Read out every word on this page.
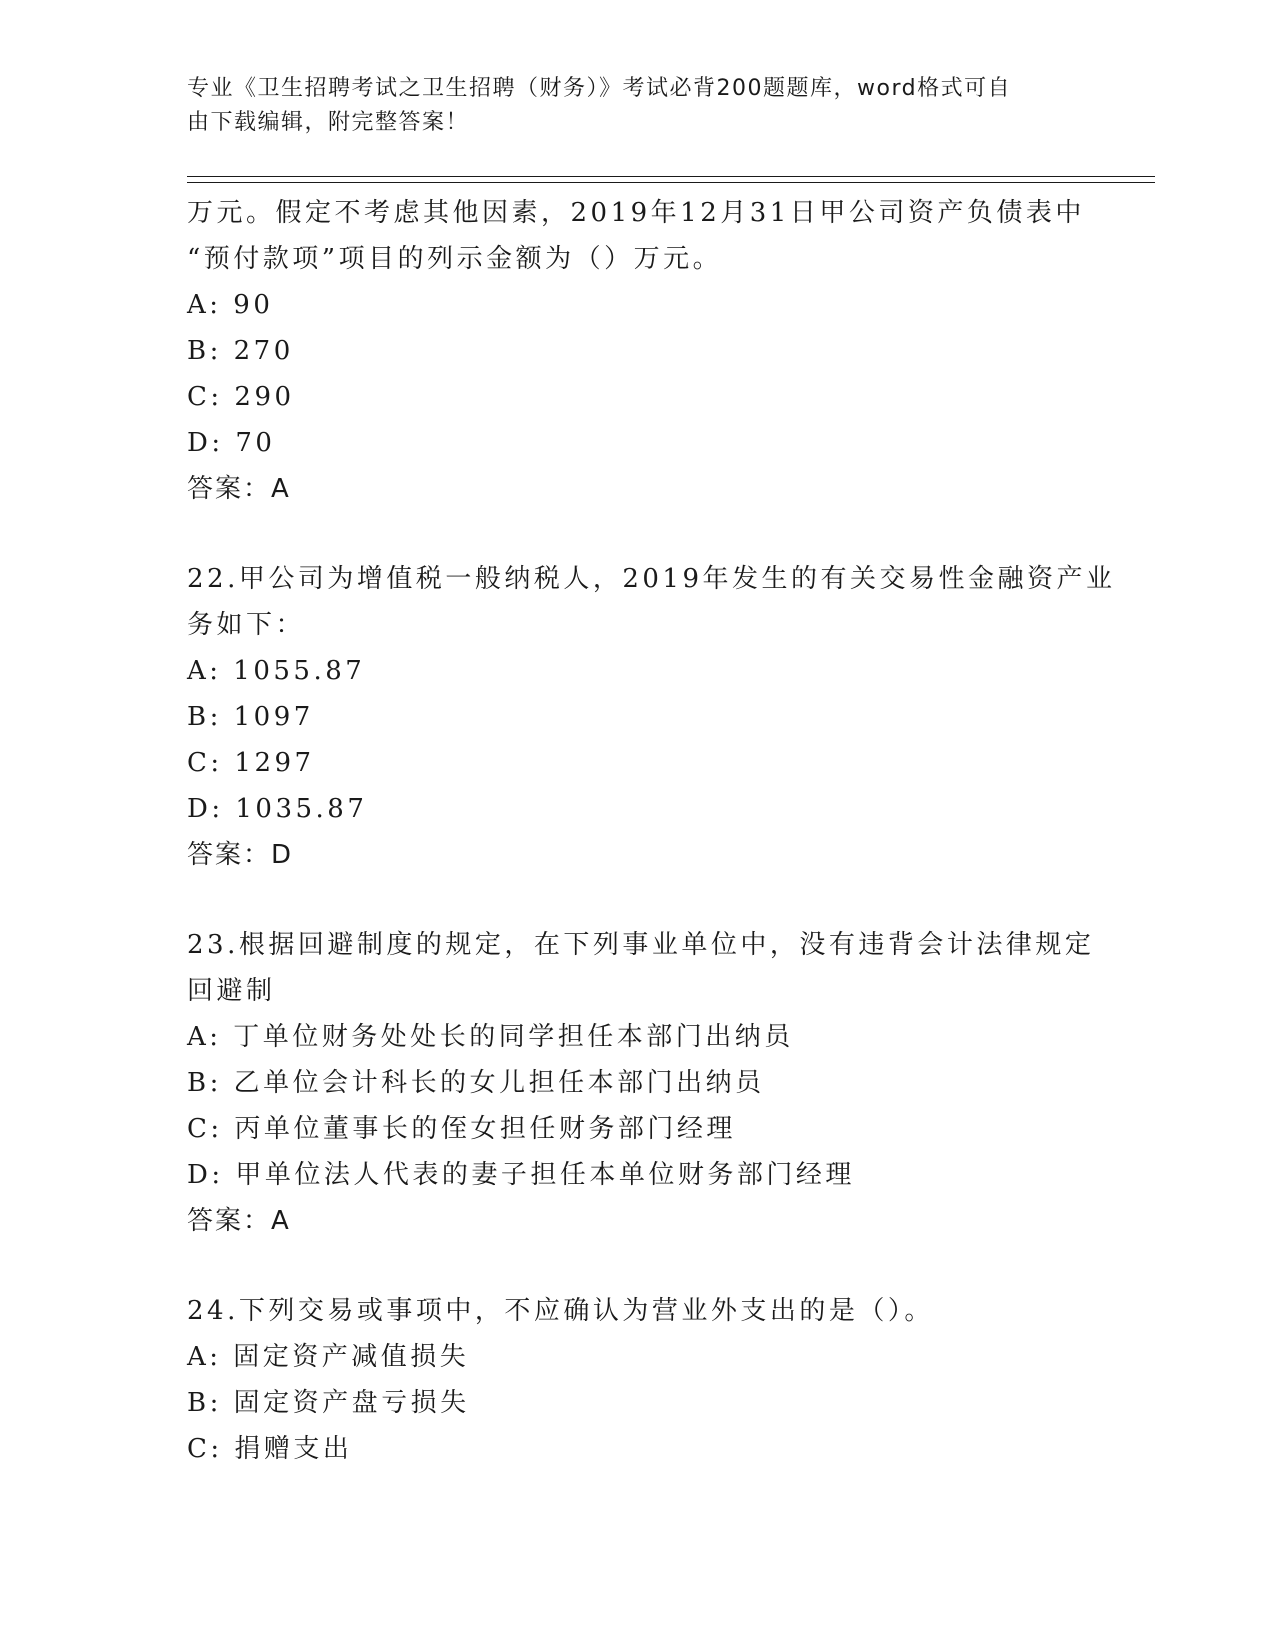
专业《卫生招聘考试之卫生招聘（财务）》考试必背200题题库，word格式可自
由下载编辑，附完整答案！
万元。假定不考虑其他因素，2019年12月31日甲公司资产负债表中
“预付款项”项目的列示金额为（）万元。
A: 90
B: 270
C: 290
D: 70
答案：A
22.甲公司为增值税一般纳税人，2019年发生的有关交易性金融资产业
务如下：
A: 1055.87
B: 1097
C: 1297
D: 1035.87
答案：D
23.根据回避制度的规定，在下列事业单位中，没有违背会计法律规定
回避制
A: 丁单位财务处处长的同学担任本部门出纳员
B: 乙单位会计科长的女儿担任本部门出纳员
C: 丙单位董事长的侄女担任财务部门经理
D: 甲单位法人代表的妻子担任本单位财务部门经理
答案：A
24.下列交易或事项中，不应确认为营业外支出的是（）。
A: 固定资产减值损失
B: 固定资产盘亏损失
C: 捐赠支出
